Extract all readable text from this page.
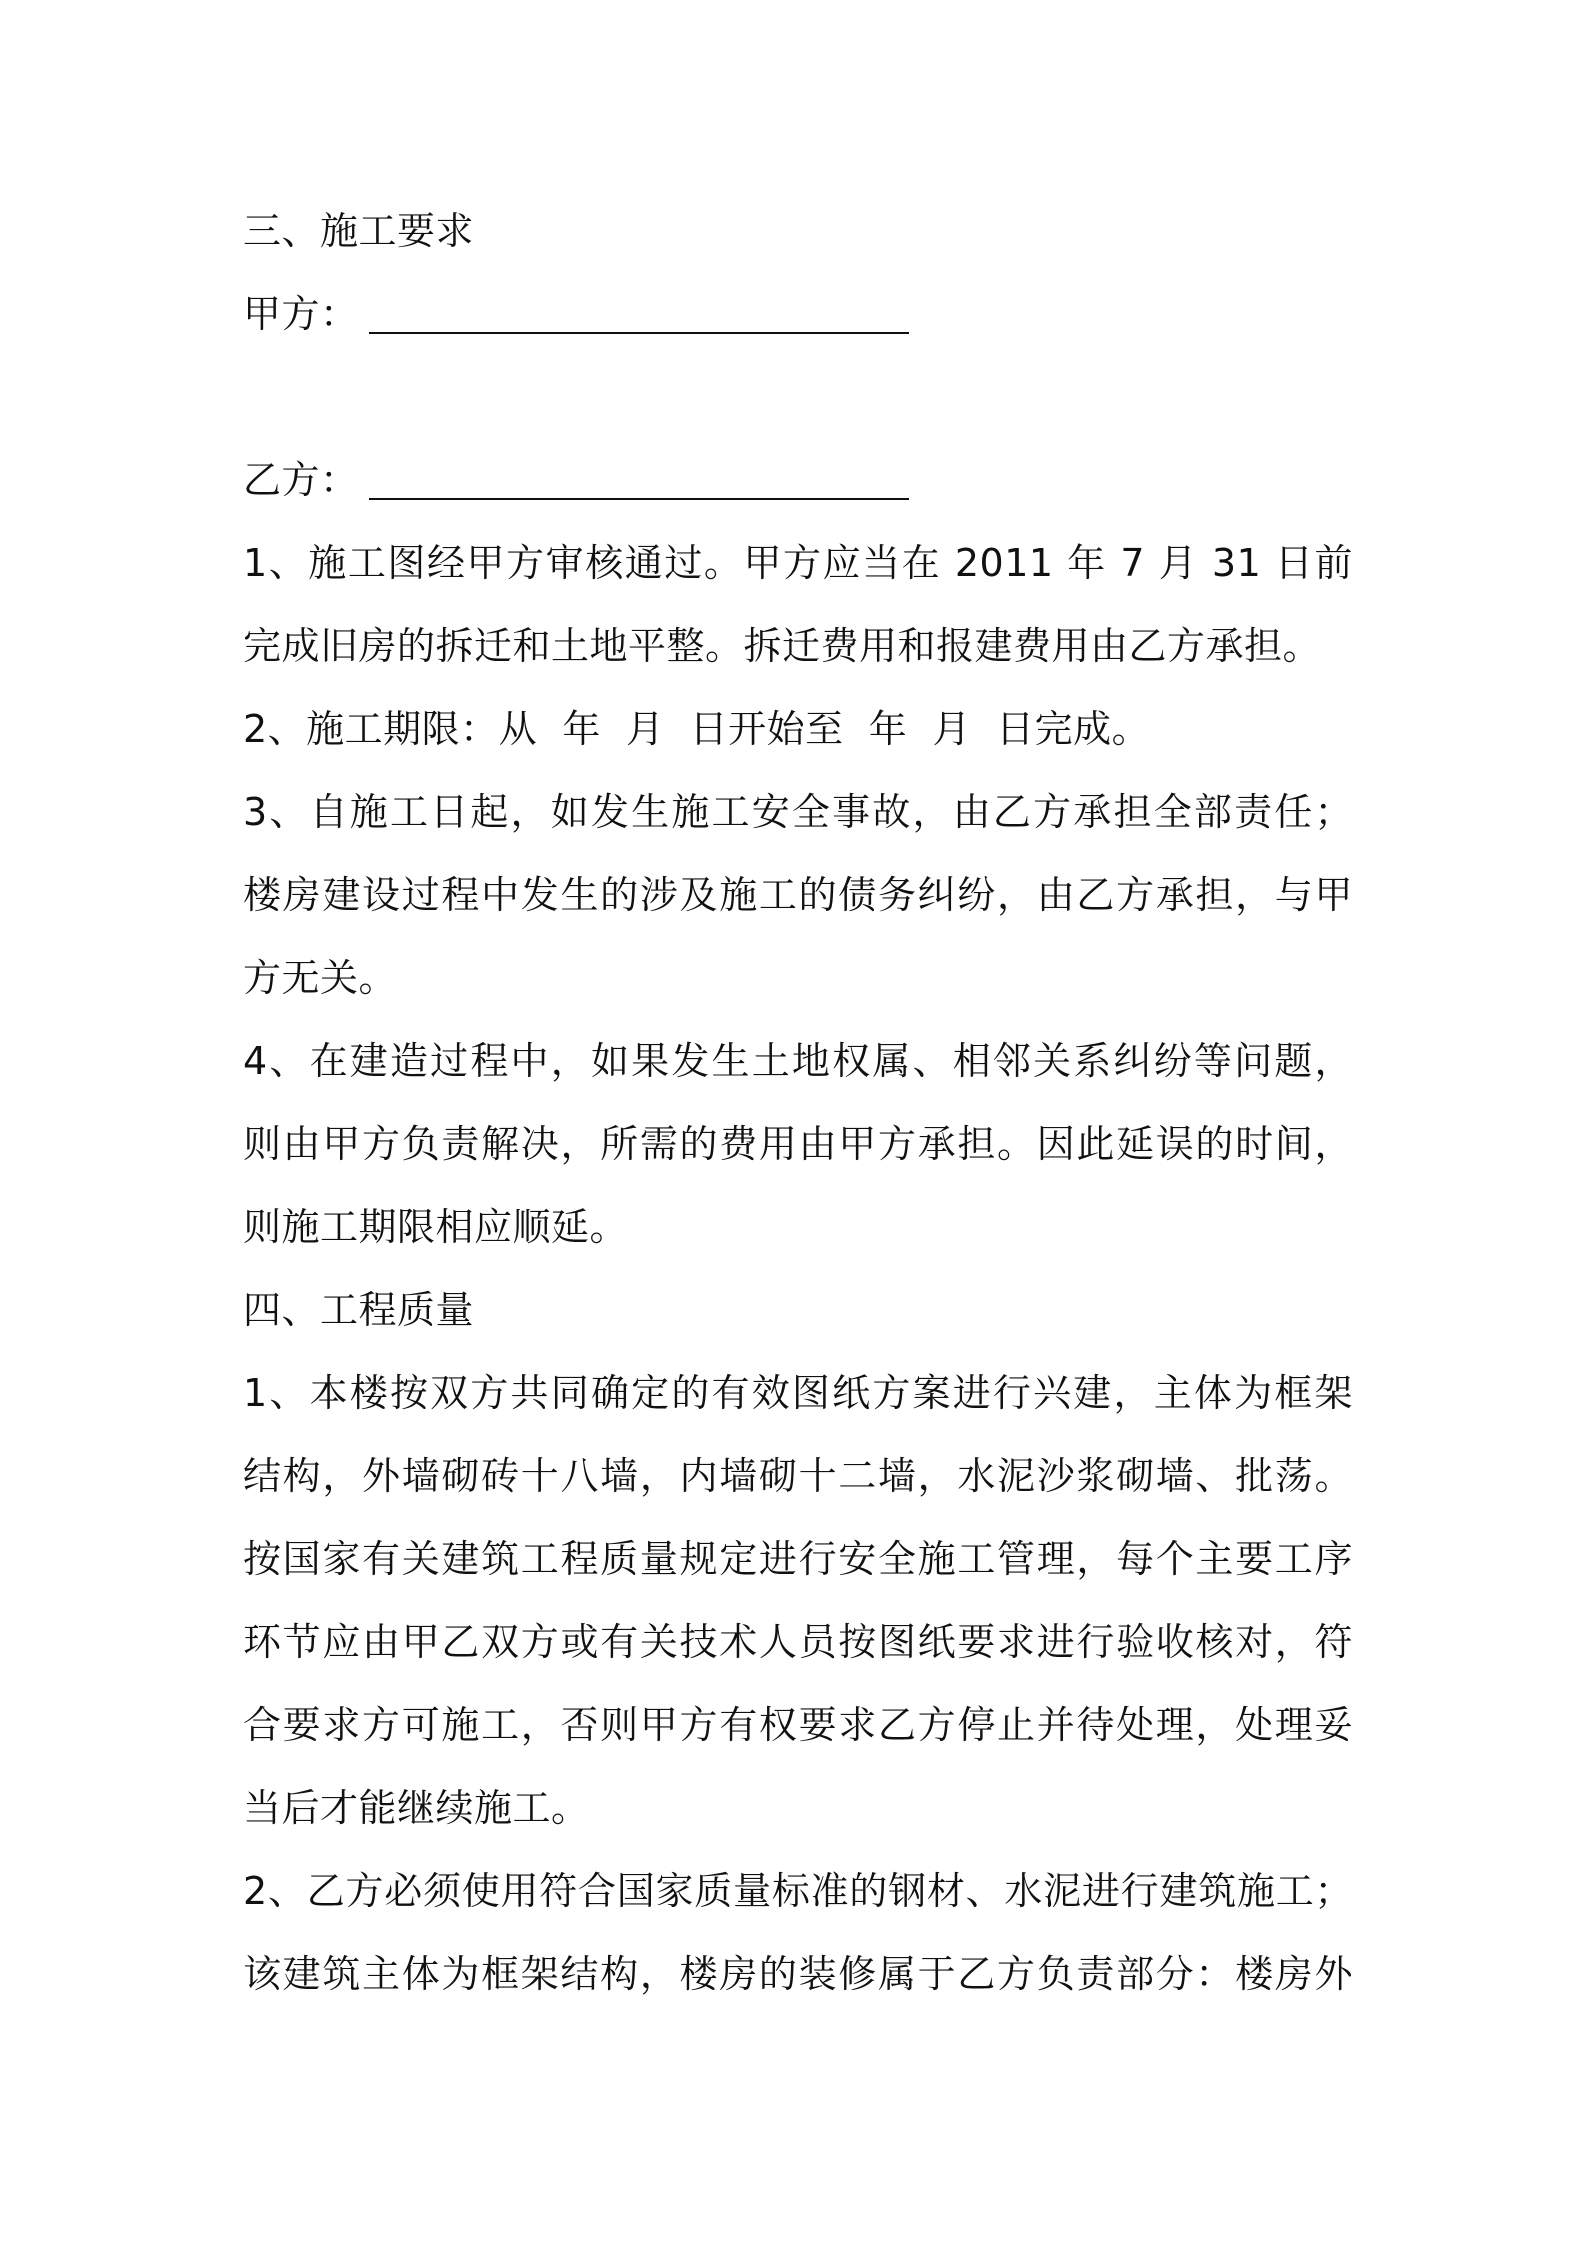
三、施工要求
甲方：
乙方：
1、施工图经甲方审核通过。甲方应当在 2011 年 7 月 31 日前
完成旧房的拆迁和土地平整。拆迁费用和报建费用由乙方承担。
2、施工期限：从  年  月  日开始至  年  月  日完成。
3、自施工日起，如发生施工安全事故，由乙方承担全部责任；
楼房建设过程中发生的涉及施工的债务纠纷，由乙方承担，与甲
方无关。
4、在建造过程中，如果发生土地权属、相邻关系纠纷等问题，
则由甲方负责解决，所需的费用由甲方承担。因此延误的时间，
则施工期限相应顺延。
四、工程质量
1、本楼按双方共同确定的有效图纸方案进行兴建，主体为框架
结构，外墙砌砖十八墙，内墙砌十二墙，水泥沙浆砌墙、批荡。
按国家有关建筑工程质量规定进行安全施工管理，每个主要工序
环节应由甲乙双方或有关技术人员按图纸要求进行验收核对，符
合要求方可施工，否则甲方有权要求乙方停止并待处理，处理妥
当后才能继续施工。
2、乙方必须使用符合国家质量标准的钢材、水泥进行建筑施工；
该建筑主体为框架结构，楼房的装修属于乙方负责部分：楼房外
